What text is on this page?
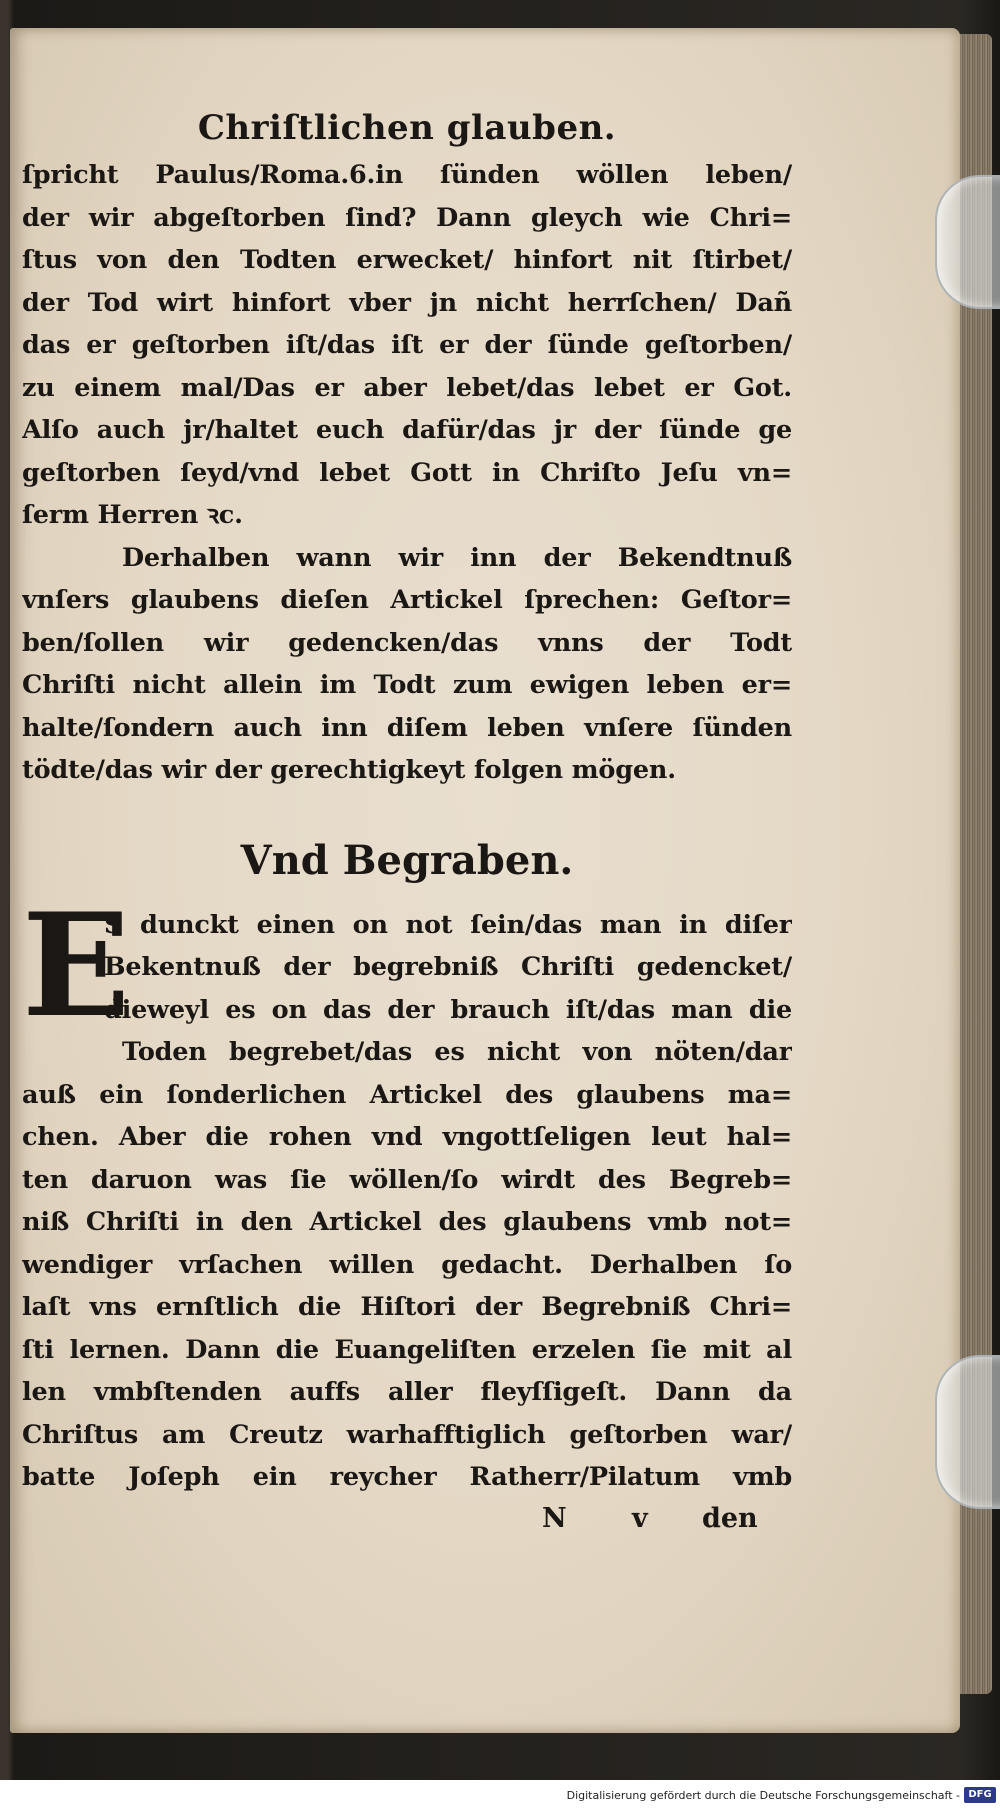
Chriſtlichen glauben.
ſpricht Paulus/Roma.6.in ſünden wöllen leben/
der wir abgeſtorben ſind? Dann gleych wie Chri=
ſtus von den Todten erwecket/ hinfort nit ſtirbet/
der Tod wirt hinfort vber jn nicht herrſchen/ Dañ
das er geſtorben iſt/das iſt er der ſünde geſtorben/
zu einem mal/Das er aber lebet/das lebet er Got.
Alſo auch jr/haltet euch dafür/das jr der ſünde ge
geſtorben ſeyd/vnd lebet Gott in Chriſto Jeſu vn=
ſerm Herren ꝛc.
Derhalben wann wir inn der Bekendtnuß
vnſers glaubens dieſen Artickel ſprechen: Geſtor=
ben/ſollen wir gedencken/das vnns der Todt
Chriſti nicht allein im Todt zum ewigen leben er=
halte/ſondern auch inn diſem leben vnſere ſünden
tödte/das wir der gerechtigkeyt folgen mögen.
Vnd Begraben.
E
S dunckt einen on not ſein/das man in diſer
Bekentnuß der begrebniß Chriſti gedencket/
dieweyl es on das der brauch iſt/das man die
Toden begrebet/das es nicht von nöten/dar
auß ein ſonderlichen Artickel des glaubens ma=
chen. Aber die rohen vnd vngottſeligen leut hal=
ten daruon was ſie wöllen/ſo wirdt des Begreb=
niß Chriſti in den Artickel des glaubens vmb not=
wendiger vrſachen willen gedacht. Derhalben ſo
laſt vns ernſtlich die Hiſtori der Begrebniß Chri=
ſti lernen. Dann die Euangeliſten erzelen ſie mit al
len vmbſtenden auffs aller fleyſſigeſt. Dann da
Chriſtus am Creutz warhafftiglich geſtorben war/
batte Joſeph ein reycher Ratherr/Pilatum vmb
N v den
Digitalisierung gefördert durch die Deutsche Forschungsgemeinschaft - DFG
